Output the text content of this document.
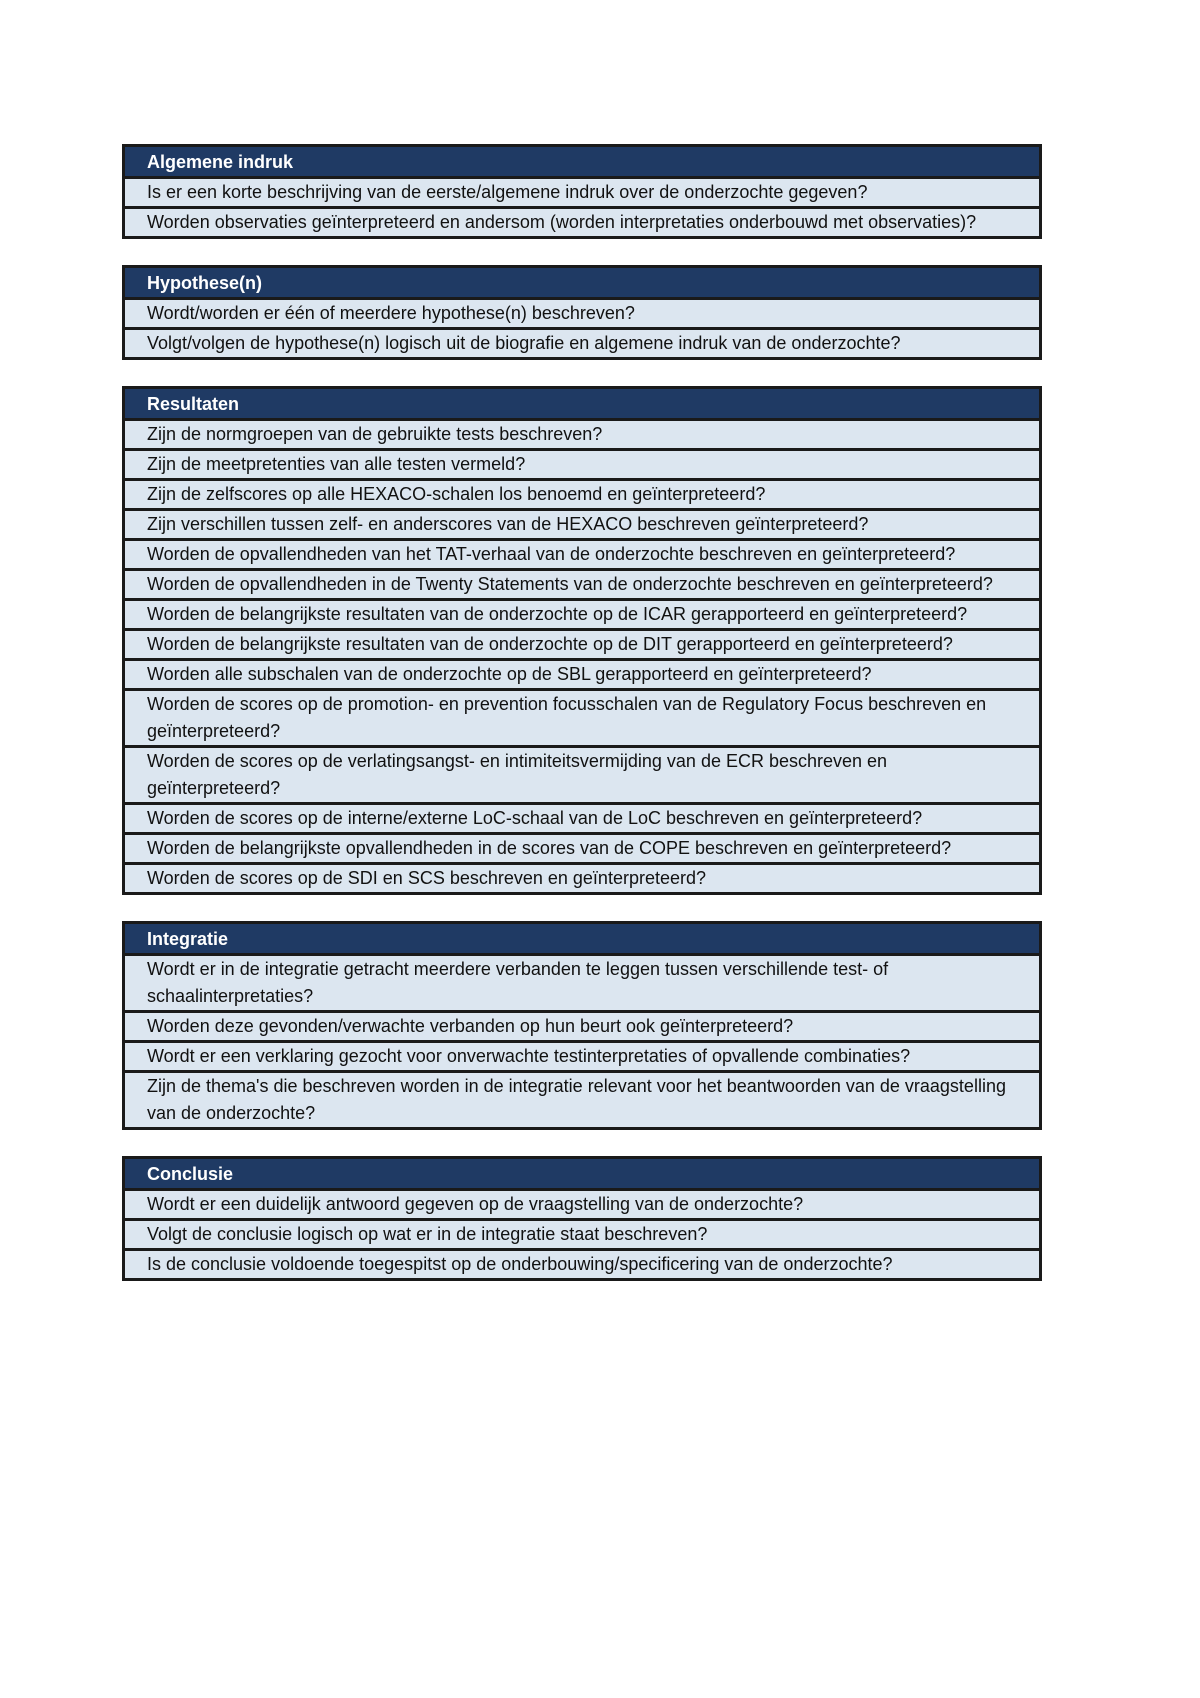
Algemene indruk
Is er een korte beschrijving van de eerste/algemene indruk over de onderzochte gegeven?
Worden observaties geïnterpreteerd en andersom (worden interpretaties onderbouwd met observaties)?
Hypothese(n)
Wordt/worden er één of meerdere hypothese(n) beschreven?
Volgt/volgen de hypothese(n) logisch uit de biografie en algemene indruk van de onderzochte?
Resultaten
Zijn de normgroepen van de gebruikte tests beschreven?
Zijn de meetpretenties van alle testen vermeld?
Zijn de zelfscores op alle HEXACO-schalen los benoemd en geïnterpreteerd?
Zijn verschillen tussen zelf- en anderscores van de HEXACO beschreven geïnterpreteerd?
Worden de opvallendheden van het TAT-verhaal van de onderzochte beschreven en geïnterpreteerd?
Worden de opvallendheden in de Twenty Statements van de onderzochte beschreven en geïnterpreteerd?
Worden de belangrijkste resultaten van de onderzochte op de ICAR gerapporteerd en geïnterpreteerd?
Worden de belangrijkste resultaten van de onderzochte op de DIT gerapporteerd en geïnterpreteerd?
Worden alle subschalen van de onderzochte op de SBL gerapporteerd en geïnterpreteerd?
Worden de scores op de promotion- en prevention focusschalen van de Regulatory Focus beschreven en geïnterpreteerd?
Worden de scores op de verlatingsangst- en intimiteitsvermijding van de ECR beschreven en geïnterpreteerd?
Worden de scores op de interne/externe LoC-schaal van de LoC beschreven en geïnterpreteerd?
Worden de belangrijkste opvallendheden in de scores van de COPE beschreven en geïnterpreteerd?
Worden de scores op de SDI en SCS beschreven en geïnterpreteerd?
Integratie
Wordt er in de integratie getracht meerdere verbanden te leggen tussen verschillende test- of schaalinterpretaties?
Worden deze gevonden/verwachte verbanden op hun beurt ook geïnterpreteerd?
Wordt er een verklaring gezocht voor onverwachte testinterpretaties of opvallende combinaties?
Zijn de thema's die beschreven worden in de integratie relevant voor het beantwoorden van de vraagstelling van de onderzochte?
Conclusie
Wordt er een duidelijk antwoord gegeven op de vraagstelling van de onderzochte?
Volgt de conclusie logisch op wat er in de integratie staat beschreven?
Is de conclusie voldoende toegespitst op de onderbouwing/specificering van de onderzochte?
